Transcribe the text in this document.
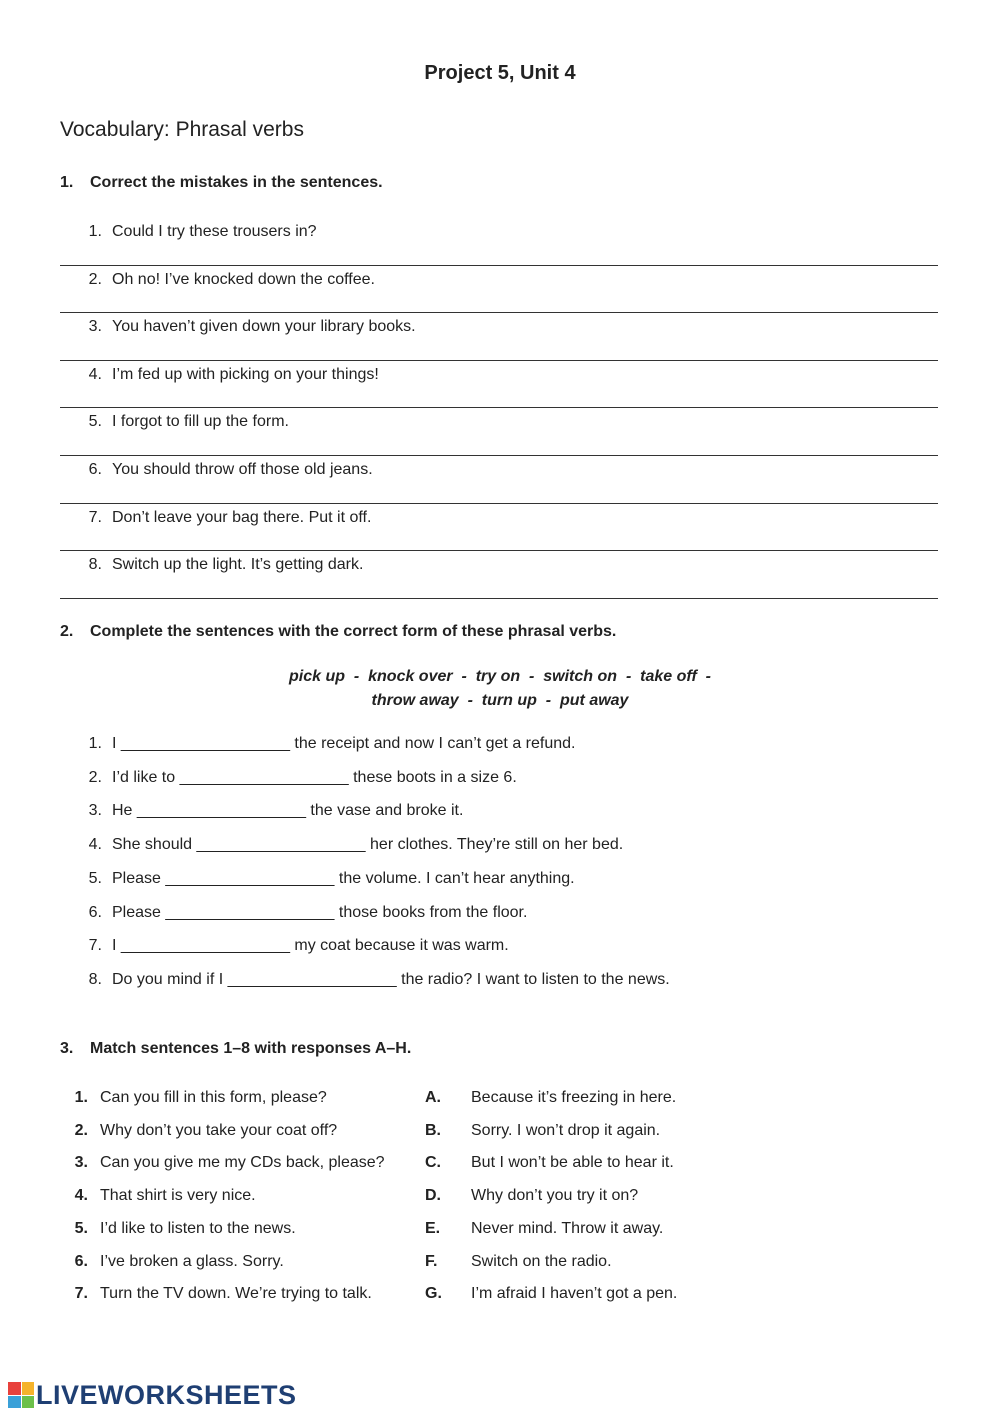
Project 5, Unit 4
Vocabulary: Phrasal verbs
1. Correct the mistakes in the sentences.
1. Could I try these trousers in?
2. Oh no! I’ve knocked down the coffee.
3. You haven’t given down your library books.
4. I’m fed up with picking on your things!
5. I forgot to fill up the form.
6. You should throw off those old jeans.
7. Don’t leave your bag there. Put it off.
8. Switch up the light. It’s getting dark.
2. Complete the sentences with the correct form of these phrasal verbs.
pick up  -  knock over  -  try on  -  switch on  -  take off  -
throw away  -  turn up  -  put away
1. I ___________________ the receipt and now I can’t get a refund.
2. I’d like to ___________________ these boots in a size 6.
3. He ___________________ the vase and broke it.
4. She should ___________________ her clothes. They’re still on her bed.
5. Please ___________________ the volume. I can’t hear anything.
6. Please ___________________ those books from the floor.
7. I ___________________ my coat because it was warm.
8. Do you mind if I ___________________ the radio? I want to listen to the news.
3. Match sentences 1–8 with responses A–H.
1. Can you fill in this form, please?
2. Why don’t you take your coat off?
3. Can you give me my CDs back, please?
4. That shirt is very nice.
5. I’d like to listen to the news.
6. I’ve broken a glass. Sorry.
7. Turn the TV down. We’re trying to talk.
A. Because it’s freezing in here.
B. Sorry. I won’t drop it again.
C. But I won’t be able to hear it.
D. Why don’t you try it on?
E. Never mind. Throw it away.
F. Switch on the radio.
G. I’m afraid I haven’t got a pen.
LIVEWORKSHEETS
